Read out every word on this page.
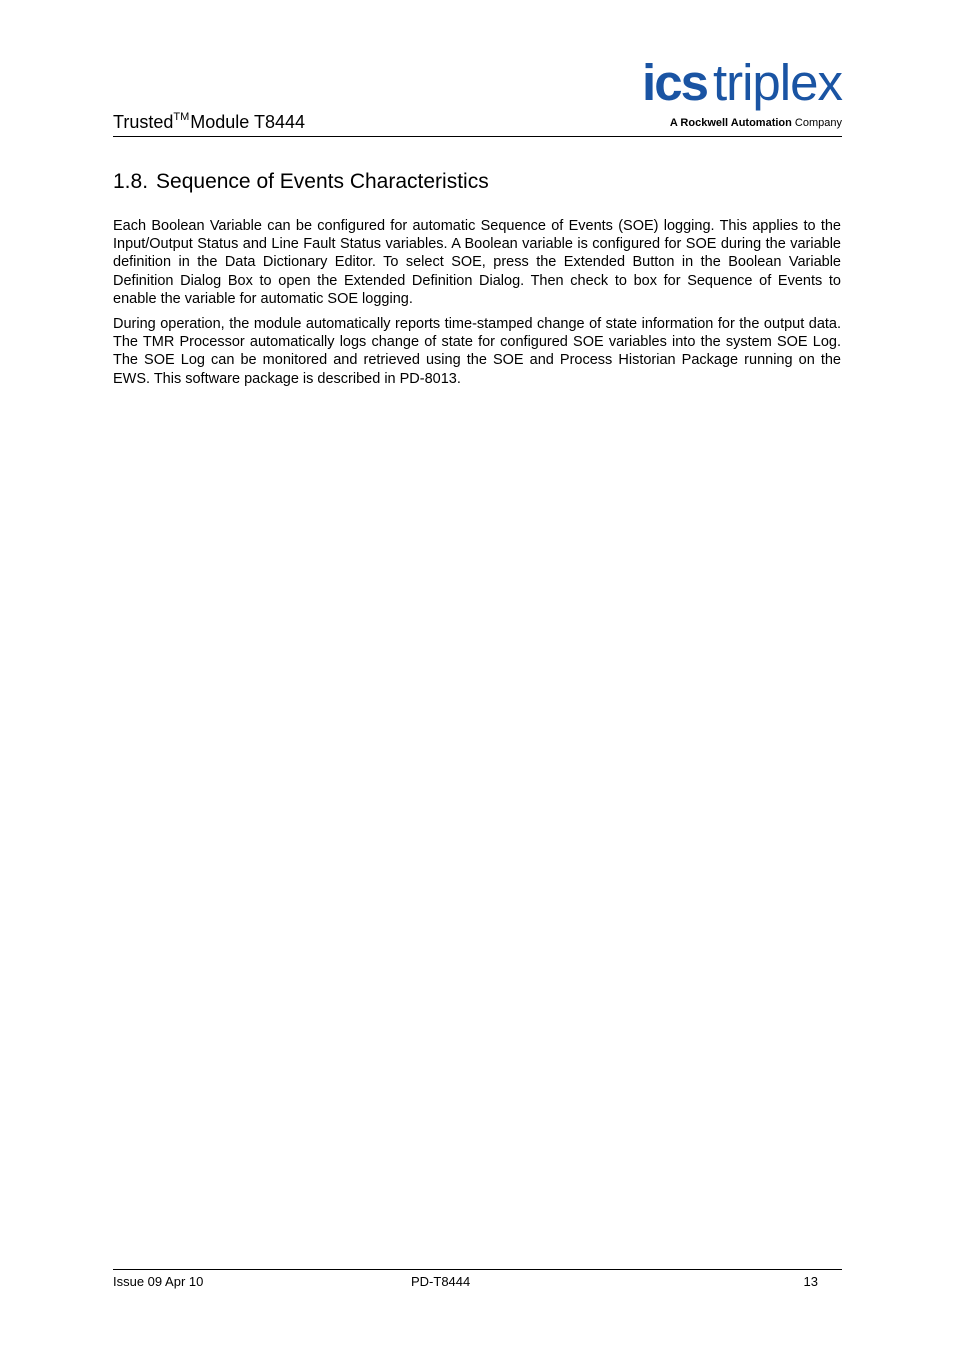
Trusted™Module T8444
ics triplex
A Rockwell Automation Company
1.8. Sequence of Events Characteristics

Each Boolean Variable can be configured for automatic Sequence of Events (SOE) logging. This applies to the Input/Output Status and Line Fault Status variables. A Boolean variable is configured for SOE during the variable definition in the Data Dictionary Editor. To select SOE, press the Extended Button in the Boolean Variable Definition Dialog Box to open the Extended Definition Dialog. Then check to box for Sequence of Events to enable the variable for automatic SOE logging.

During operation, the module automatically reports time-stamped change of state information for the output data. The TMR Processor automatically logs change of state for configured SOE variables into the system SOE Log. The SOE Log can be monitored and retrieved using the SOE and Process Historian Package running on the EWS. This software package is described in PD-8013.

Issue 09 Apr 10	PD-T8444	13
